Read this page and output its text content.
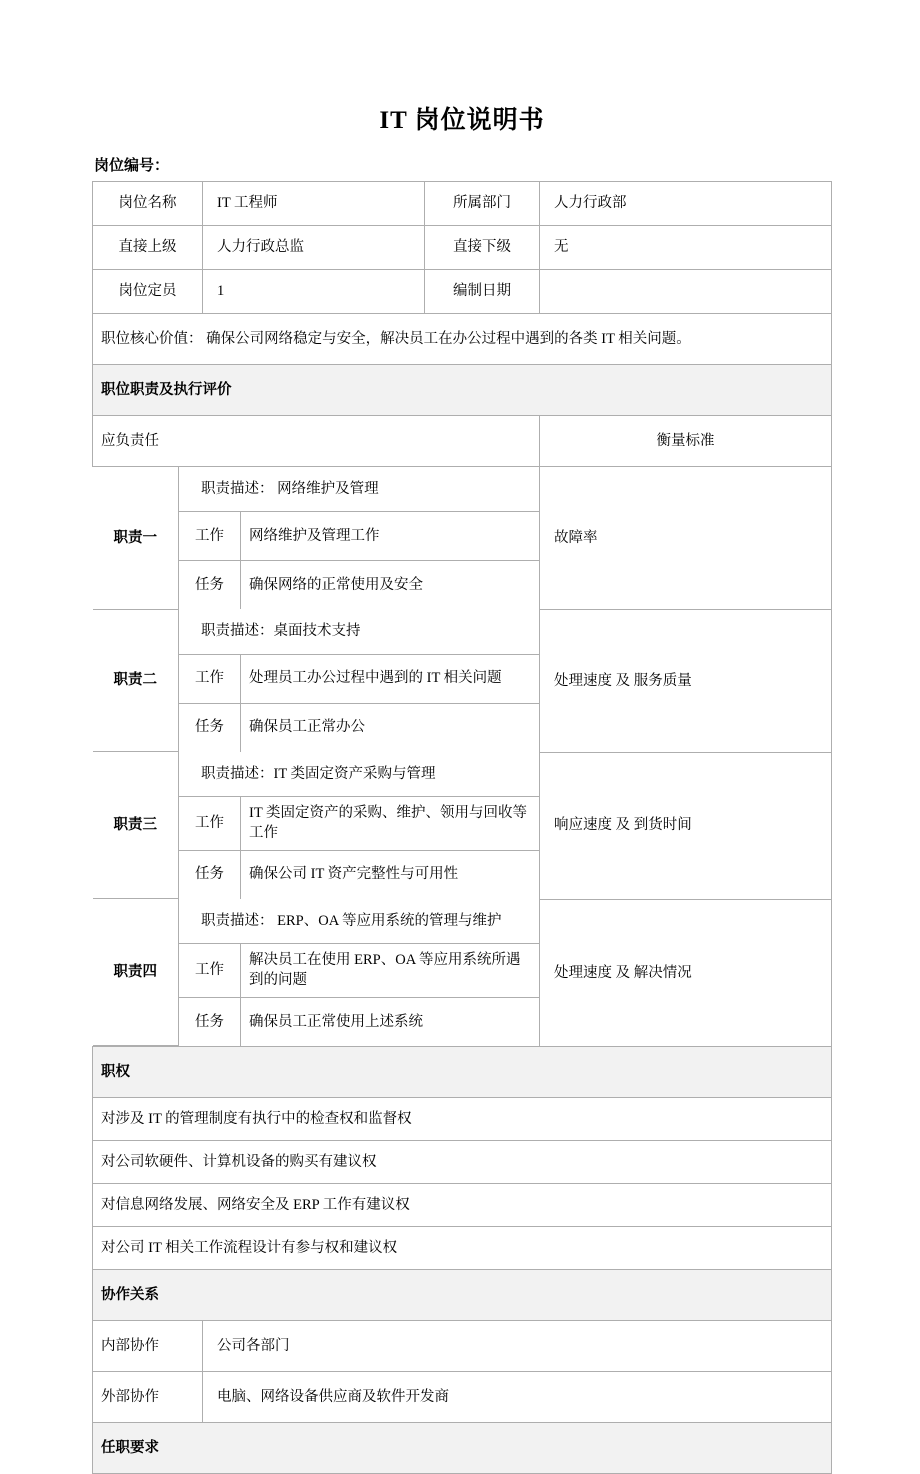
IT 岗位说明书
岗位编号：
岗位名称	IT 工程师	所属部门	人力行政部
直接上级	人力行政总监	直接下级	无
岗位定员	1	编制日期	
职位核心价值： 确保公司网络稳定与安全，解决员工在办公过程中遇到的各类 IT 相关问题。
职位职责及执行评价
应负责任	衡量标准

职责一	职责描述： 网络维护及管理
工作	网络维护及管理工作
任务	确保网络的正常使用及安全
	故障率

职责二	职责描述：桌面技术支持
工作	处理员工办公过程中遇到的 IT 相关问题
任务	确保员工正常办公
	处理速度 及 服务质量

职责三	职责描述：IT 类固定资产采购与管理
工作	IT 类固定资产的采购、维护、领用与回收等工作
任务	确保公司 IT 资产完整性与可用性
	响应速度 及 到货时间

职责四	职责描述： ERP、OA 等应用系统的管理与维护
工作	解决员工在使用 ERP、OA 等应用系统所遇到的问题
任务	确保员工正常使用上述系统
	处理速度 及 解决情况
职权
对涉及 IT 的管理制度有执行中的检查权和监督权
对公司软硬件、计算机设备的购买有建议权
对信息网络发展、网络安全及 ERP 工作有建议权
对公司 IT 相关工作流程设计有参与权和建议权
协作关系
内部协作	公司各部门
外部协作	电脑、网络设备供应商及软件开发商
任职要求
